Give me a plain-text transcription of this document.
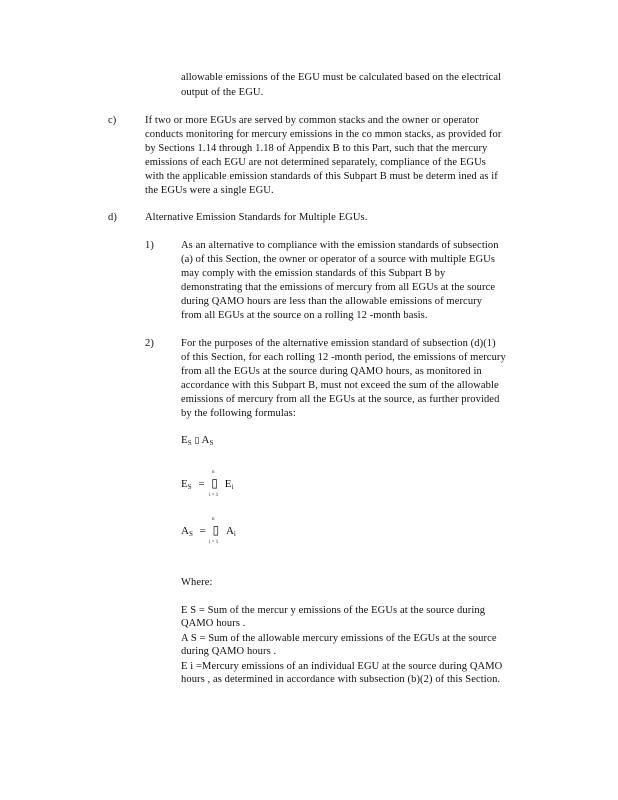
allowable emissions of the EGU must be calculated based on the electrical
output of the EGU.
c)	If two or more EGUs are served by common stacks and the owner or operator
conducts monitoring for mercury emissions in the co mmon stacks, as provided for
by Sections 1.14 through 1.18 of Appendix B to this Part, such that the mercury
emissions of each EGU are not determined separately, compliance of the EGUs
with the applicable emission standards of this Subpart B must be determ ined as if
the EGUs were a single EGU.
d)	Alternative Emission Standards for Multiple EGUs.
1)	As an alternative to compliance with the emission standards of subsection
(a) of this Section, the owner or operator of a source with multiple EGUs
may comply with the emission standards of this Subpart B by
demonstrating that the emissions of mercury from all EGUs at the source
during QAMO hours are less than the allowable emissions of mercury
from all EGUs at the source on a rolling 12 -month basis.
2)	For the purposes of the alternative emission standard of subsection (d)(1)
of this Section, for each rolling 12 -month period, the emissions of mercury
from all the EGUs at the source during QAMO hours, as monitored in
accordance with this Subpart B, must not exceed the sum of the allowable
emissions of mercury from all the EGUs at the source, as further provided
by the following formulas:
$E_S$ ▯ $A_S$
n
$E_S$ = ▯ $E_i$
i = 1
n
$A_S$ = ▯ $A_i$
i = 1
Where:
E S = Sum of the mercur y emissions of the EGUs at the source during
QAMO hours .
A S = Sum of the allowable mercury emissions of the EGUs at the source
during QAMO hours .
E i =Mercury emissions of an individual EGU at the source during QAMO
hours , as determined in accordance with subsection (b)(2) of this Section.
